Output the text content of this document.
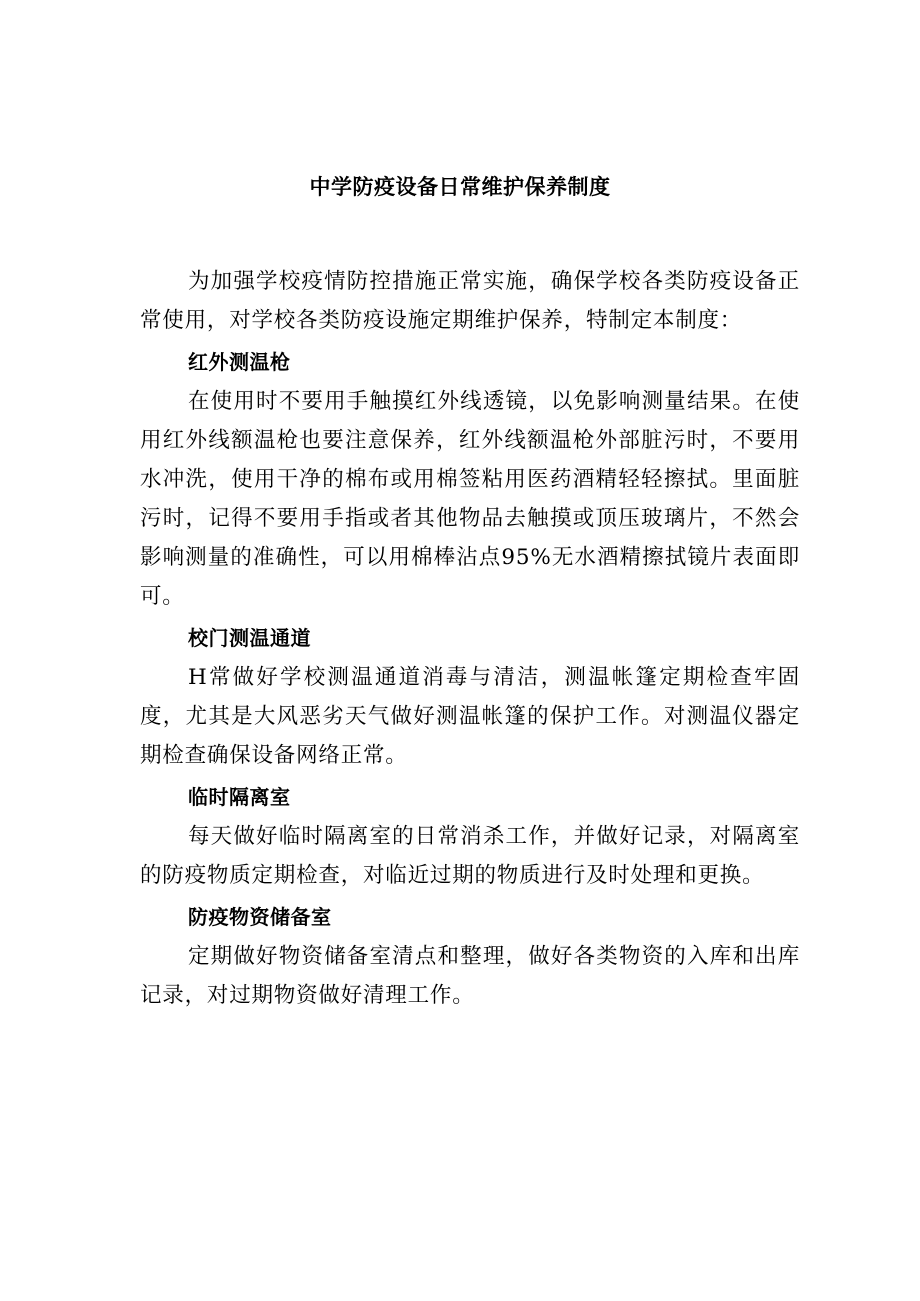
中学防疫设备日常维护保养制度

为加强学校疫情防控措施正常实施，确保学校各类防疫设备正常使用，对学校各类防疫设施定期维护保养，特制定本制度：

红外测温枪

在使用时不要用手触摸红外线透镜，以免影响测量结果。在使用红外线额温枪也要注意保养，红外线额温枪外部脏污时，不要用水冲洗，使用干净的棉布或用棉签粘用医药酒精轻轻擦拭。里面脏污时，记得不要用手指或者其他物品去触摸或顶压玻璃片，不然会影响测量的准确性，可以用棉棒沾点95%无水酒精擦拭镜片表面即可。

校门测温通道

H常做好学校测温通道消毒与清洁，测温帐篷定期检查牢固度，尤其是大风恶劣天气做好测温帐篷的保护工作。对测温仪器定期检查确保设备网络正常。

临时隔离室

每天做好临时隔离室的日常消杀工作，并做好记录，对隔离室的防疫物质定期检查，对临近过期的物质进行及时处理和更换。

防疫物资储备室

定期做好物资储备室清点和整理，做好各类物资的入库和出库记录，对过期物资做好清理工作。
